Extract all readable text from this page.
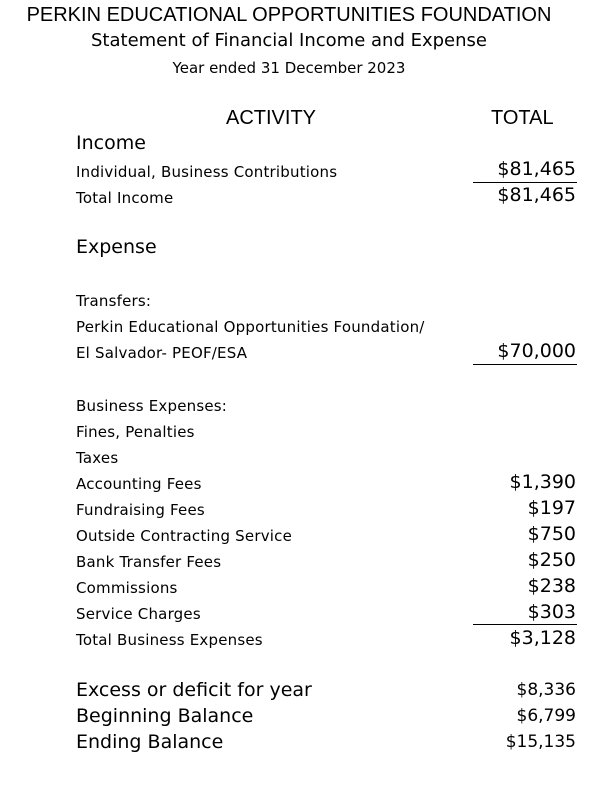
PERKIN EDUCATIONAL OPPORTUNITIES FOUNDATION
Statement of Financial Income and Expense
Year ended 31 December 2023
ACTIVITY	TOTAL
Income
Individual, Business Contributions	$81,465
Total Income	$81,465
Expense
Transfers:
Perkin Educational Opportunities Foundation/
El Salvador- PEOF/ESA	$70,000
Business Expenses:
Fines, Penalties
Taxes
Accounting Fees	$1,390
Fundraising Fees	$197
Outside Contracting Service	$750
Bank Transfer Fees	$250
Commissions	$238
Service Charges	$303
Total Business Expenses	$3,128
Excess or deficit for year	$8,336
Beginning Balance	$6,799
Ending Balance	$15,135
